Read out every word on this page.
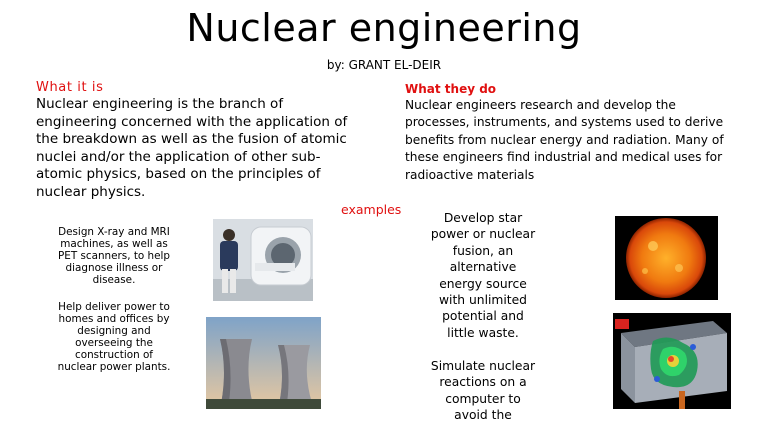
Nuclear engineering
by: GRANT EL-DEIR
What it is
Nuclear engineering is the branch of engineering concerned with the application of the breakdown as well as the fusion of atomic nuclei and/or the application of other sub-atomic physics, based on the principles of nuclear physics.
What they do
Nuclear engineers research and develop the processes, instruments, and systems used to derive benefits from nuclear energy and radiation. Many of these engineers find industrial and medical uses for radioactive materials
examples
Design X-ray and MRI machines, as well as PET scanners, to help diagnose illness or disease.
Help deliver power to homes and offices by designing and overseeing the construction of nuclear power plants.
Develop star power or nuclear fusion, an alternative energy source with unlimited potential and little waste.
Simulate nuclear reactions on a computer to avoid the
